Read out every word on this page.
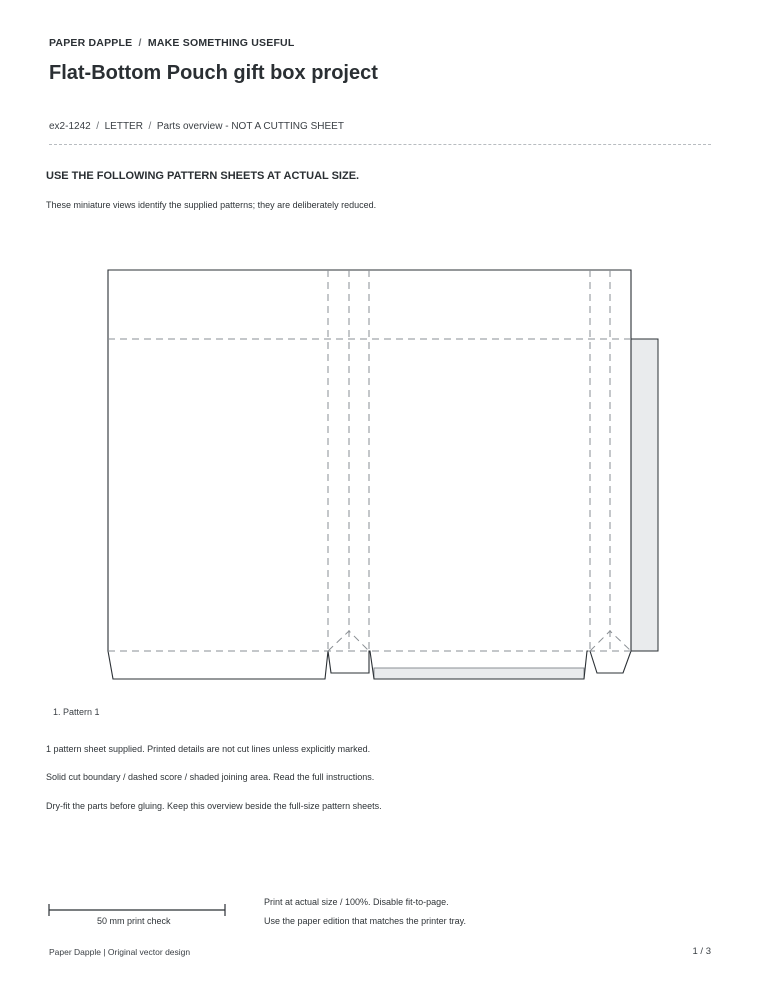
PAPER DAPPLE  /  MAKE SOMETHING USEFUL
Flat-Bottom Pouch gift box project
ex2-1242  /  LETTER  /  Parts overview - NOT A CUTTING SHEET
USE THE FOLLOWING PATTERN SHEETS AT ACTUAL SIZE.
These miniature views identify the supplied patterns; they are deliberately reduced.
1. Pattern 1
1 pattern sheet supplied. Printed details are not cut lines unless explicitly marked.
Solid cut boundary / dashed score / shaded joining area. Read the full instructions.
Dry-fit the parts before gluing. Keep this overview beside the full-size pattern sheets.
50 mm print check
Print at actual size / 100%. Disable fit-to-page.
Use the paper edition that matches the printer tray.
Paper Dapple | Original vector design	1 / 3
